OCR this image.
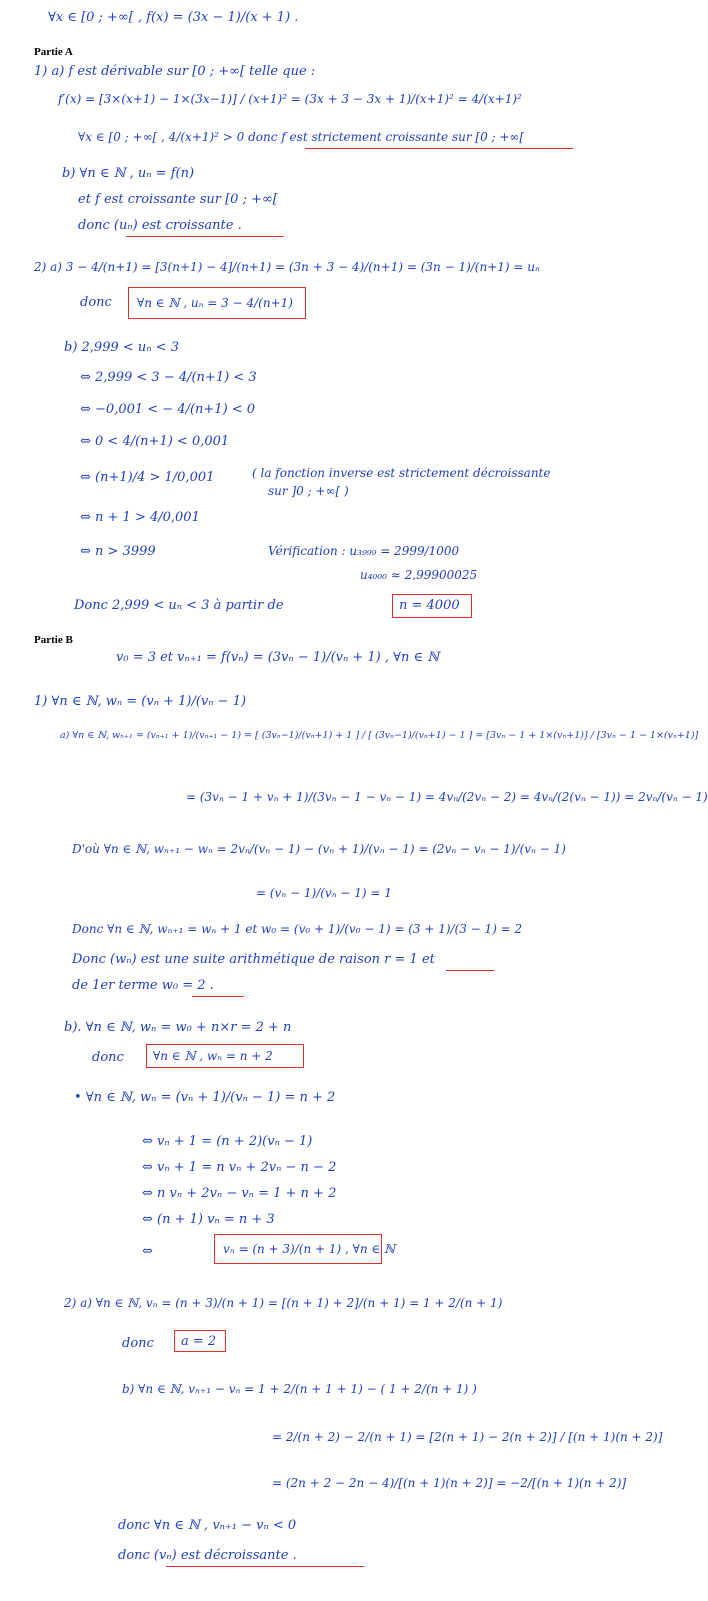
∀x ∈ [0 ; +∞[ , f(x) = (3x − 1)/(x + 1) .
Partie A
1) a) f est dérivable sur [0 ; +∞[ telle que :
f′(x) = [3×(x+1) − 1×(3x−1)] / (x+1)² = (3x + 3 − 3x + 1)/(x+1)² = 4/(x+1)²
∀x ∈ [0 ; +∞[ , 4/(x+1)² > 0 donc f est strictement croissante sur [0 ; +∞[
b) ∀n ∈ ℕ , uₙ = f(n)
et f est croissante sur [0 ; +∞[
donc (uₙ) est croissante .
2) a) 3 − 4/(n+1) = [3(n+1) − 4]/(n+1) = (3n + 3 − 4)/(n+1) = (3n − 1)/(n+1) = uₙ
donc ∀n ∈ ℕ , uₙ = 3 − 4/(n+1)
b) 2,999 < uₙ < 3
⇔ 2,999 < 3 − 4/(n+1) < 3
⇔ −0,001 < − 4/(n+1) < 0
⇔ 0 < 4/(n+1) < 0,001
⇔ (n+1)/4 > 1/0,001	( la fonction inverse est strictement décroissante
sur ]0 ; +∞[ )
⇔ n + 1 > 4/0,001
⇔ n > 3999	Vérification : u₃₉₉₉ = 2999/1000
u₄₀₀₀ ≈ 2,99900025
Donc 2,999 < uₙ < 3 à partir de	n = 4000
Partie B
v₀ = 3 et vₙ₊₁ = f(vₙ) = (3vₙ − 1)/(vₙ + 1) , ∀n ∈ ℕ
1) ∀n ∈ ℕ, wₙ = (vₙ + 1)/(vₙ − 1)
a) ∀n ∈ ℕ, wₙ₊₁ = (vₙ₊₁ + 1)/(vₙ₊₁ − 1) = [ (3vₙ−1)/(vₙ+1) + 1 ] / [ (3vₙ−1)/(vₙ+1) − 1 ] = [3vₙ − 1 + 1×(vₙ+1)] / [3vₙ − 1 − 1×(vₙ+1)]
= (3vₙ − 1 + vₙ + 1)/(3vₙ − 1 − vₙ − 1) = 4vₙ/(2vₙ − 2) = 4vₙ/(2(vₙ − 1)) = 2vₙ/(vₙ − 1)
D'où ∀n ∈ ℕ, wₙ₊₁ − wₙ = 2vₙ/(vₙ − 1) − (vₙ + 1)/(vₙ − 1) = (2vₙ − vₙ − 1)/(vₙ − 1)
= (vₙ − 1)/(vₙ − 1) = 1
Donc ∀n ∈ ℕ, wₙ₊₁ = wₙ + 1 et w₀ = (v₀ + 1)/(v₀ − 1) = (3 + 1)/(3 − 1) = 2
Donc (wₙ) est une suite arithmétique de raison r = 1 et
de 1er terme w₀ = 2 .
b). ∀n ∈ ℕ, wₙ = w₀ + n×r = 2 + n
donc ∀n ∈ ℕ , wₙ = n + 2
• ∀n ∈ ℕ, wₙ = (vₙ + 1)/(vₙ − 1) = n + 2
⇔ vₙ + 1 = (n + 2)(vₙ − 1)
⇔ vₙ + 1 = n vₙ + 2vₙ − n − 2
⇔ n vₙ + 2vₙ − vₙ = 1 + n + 2
⇔ (n + 1) vₙ = n + 3
⇔	vₙ = (n + 3)/(n + 1) , ∀n ∈ ℕ
2) a) ∀n ∈ ℕ, vₙ = (n + 3)/(n + 1) = [(n + 1) + 2]/(n + 1) = 1 + 2/(n + 1)
donc a = 2
b) ∀n ∈ ℕ, vₙ₊₁ − vₙ = 1 + 2/(n + 1 + 1) − ( 1 + 2/(n + 1) )
= 2/(n + 2) − 2/(n + 1) = [2(n + 1) − 2(n + 2)] / [(n + 1)(n + 2)]
= (2n + 2 − 2n − 4)/[(n + 1)(n + 2)] = −2/[(n + 1)(n + 2)]
donc ∀n ∈ ℕ , vₙ₊₁ − vₙ < 0
donc (vₙ) est décroissante .
